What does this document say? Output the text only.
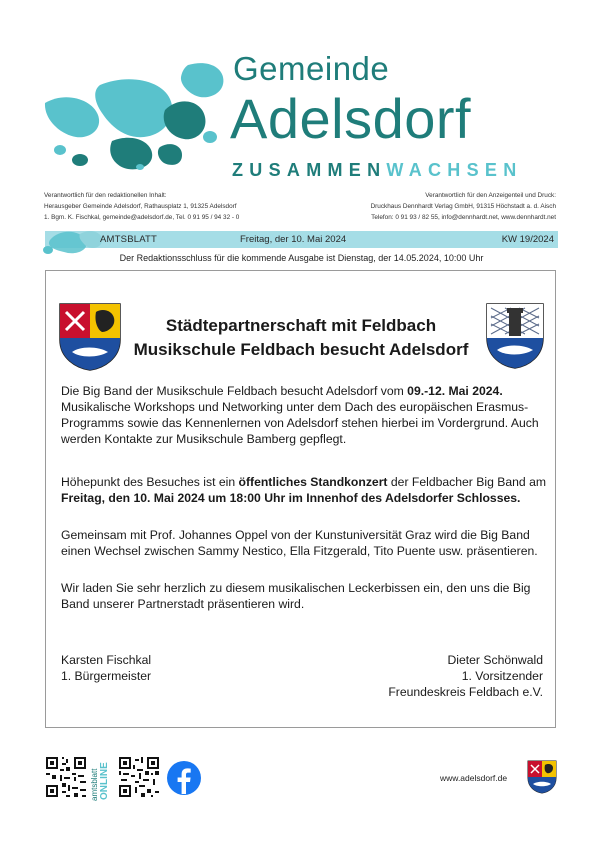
Gemeinde
Adelsdorf
ZUSAMMENWACHSEN
Verantwortlich für den redaktionellen Inhalt:
Herausgeber Gemeinde Adelsdorf, Rathausplatz 1, 91325 Adelsdorf
1. Bgm. K. Fischkal, gemeinde@adelsdorf.de, Tel. 0 91 95 / 94 32 - 0
Verantwortlich für den Anzeigenteil und Druck:
Druckhaus Dennhardt Verlag GmbH, 91315 Höchstadt a. d. Aisch
Telefon: 0 91 93 / 82 55, info@dennhardt.net, www.dennhardt.net
AMTSBLATT	Freitag, der 10. Mai 2024	KW 19/2024
Der Redaktionsschluss für die kommende Ausgabe ist Dienstag, der 14.05.2024, 10:00 Uhr
Städtepartnerschaft mit Feldbach
Musikschule Feldbach besucht Adelsdorf
Die Big Band der Musikschule Feldbach besucht Adelsdorf vom 09.-12. Mai 2024. Musikalische Workshops und Networking unter dem Dach des europäischen Erasmus-Programms sowie das Kennenlernen von Adelsdorf stehen hierbei im Vordergrund. Auch werden Kontakte zur Musikschule Bamberg gepflegt.
Höhepunkt des Besuches ist ein öffentliches Standkonzert der Feldbacher Big Band am Freitag, den 10. Mai 2024 um 18:00 Uhr im Innenhof des Adelsdorfer Schlosses.
Gemeinsam mit Prof. Johannes Oppel von der Kunstuniversität Graz wird die Big Band einen Wechsel zwischen Sammy Nestico, Ella Fitzgerald, Tito Puente usw. präsentieren.
Wir laden Sie sehr herzlich zu diesem musikalischen Leckerbissen ein, den uns die Big Band unserer Partnerstadt präsentieren wird.
Karsten Fischkal
1. Bürgermeister
Dieter Schönwald
1. Vorsitzender
Freundeskreis Feldbach e.V.
amtsblatt ONLINE	www.adelsdorf.de
